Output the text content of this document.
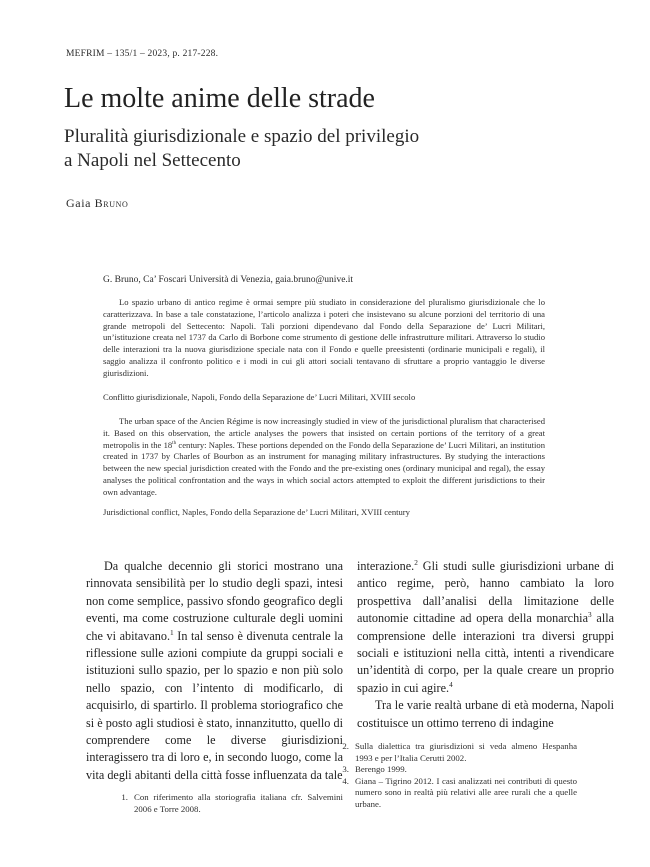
MEFRIM – 135/1 – 2023, p. 217-228.
Le molte anime delle strade
Pluralità giurisdizionale e spazio del privilegio
a Napoli nel Settecento
Gaia Bruno
G. Bruno, Ca’ Foscari Università di Venezia, gaia.bruno@unive.it

Lo spazio urbano di antico regime è ormai sempre più studiato in considerazione del pluralismo giurisdizionale che lo caratterizzava. In base a tale constatazione, l’articolo analizza i poteri che insistevano su alcune porzioni del territorio di una grande metropoli del Settecento: Napoli. Tali porzioni dipendevano dal Fondo della Separazione de’ Lucri Militari, un’istituzione creata nel 1737 da Carlo di Borbone come strumento di gestione delle infrastrutture militari. Attraverso lo studio delle interazioni tra la nuova giurisdizione speciale nata con il Fondo e quelle preesistenti (ordinarie municipali e regali), il saggio analizza il confronto politico e i modi in cui gli attori sociali tentavano di sfruttare a proprio vantaggio le diverse giurisdizioni.

Conflitto giurisdizionale, Napoli, Fondo della Separazione de’ Lucri Militari, XVIII secolo

The urban space of the Ancien Régime is now increasingly studied in view of the jurisdictional pluralism that characterised it. Based on this observation, the article analyses the powers that insisted on certain portions of the territory of a great metropolis in the 18th century: Naples. These portions depended on the Fondo della Separazione de’ Lucri Militari, an institution created in 1737 by Charles of Bourbon as an instrument for managing military infrastructures. By studying the interactions between the new special jurisdiction created with the Fondo and the pre-existing ones (ordinary municipal and regal), the essay analyses the political confrontation and the ways in which social actors attempted to exploit the different jurisdictions to their own advantage.

Jurisdictional conflict, Naples, Fondo della Separazione de’ Lucri Militari, XVIII century

Da qualche decennio gli storici mostrano una rinnovata sensibilità per lo studio degli spazi, intesi non come semplice, passivo sfondo geografico degli eventi, ma come costruzione culturale degli uomini che vi abitavano.$^1$ In tal senso è divenuta centrale la riflessione sulle azioni compiute da gruppi sociali e istituzioni sullo spazio, per lo spazio e non più solo nello spazio, con l’intento di modificarlo, di acquisirlo, di spartirlo. Il problema storiografico che si è posto agli studiosi è stato, innanzitutto, quello di comprendere come le diverse giurisdizioni interagissero tra di loro e, in secondo luogo, come la vita degli abitanti della città fosse influenzata da tale

interazione.$^2$ Gli studi sulle giurisdizioni urbane di antico regime, però, hanno cambiato la loro prospettiva dall’analisi della limitazione delle autonomie cittadine ad opera della monarchia$^3$ alla comprensione delle interazioni tra diversi gruppi sociali e istituzioni nella città, intenti a rivendicare un’identità di corpo, per la quale creare un proprio spazio in cui agire.$^4$

Tra le varie realtà urbane di età moderna, Napoli costituisce un ottimo terreno di indagine

1. Con riferimento alla storiografia italiana cfr. Salvemini 2006 e Torre 2008.
2. Sulla dialettica tra giurisdizioni si veda almeno Hespanha 1993 e per l’Italia Cerutti 2002.
3. Berengo 1999.
4. Giana – Tigrino 2012. I casi analizzati nei contributi di questo numero sono in realtà più relativi alle aree rurali che a quelle urbane.
